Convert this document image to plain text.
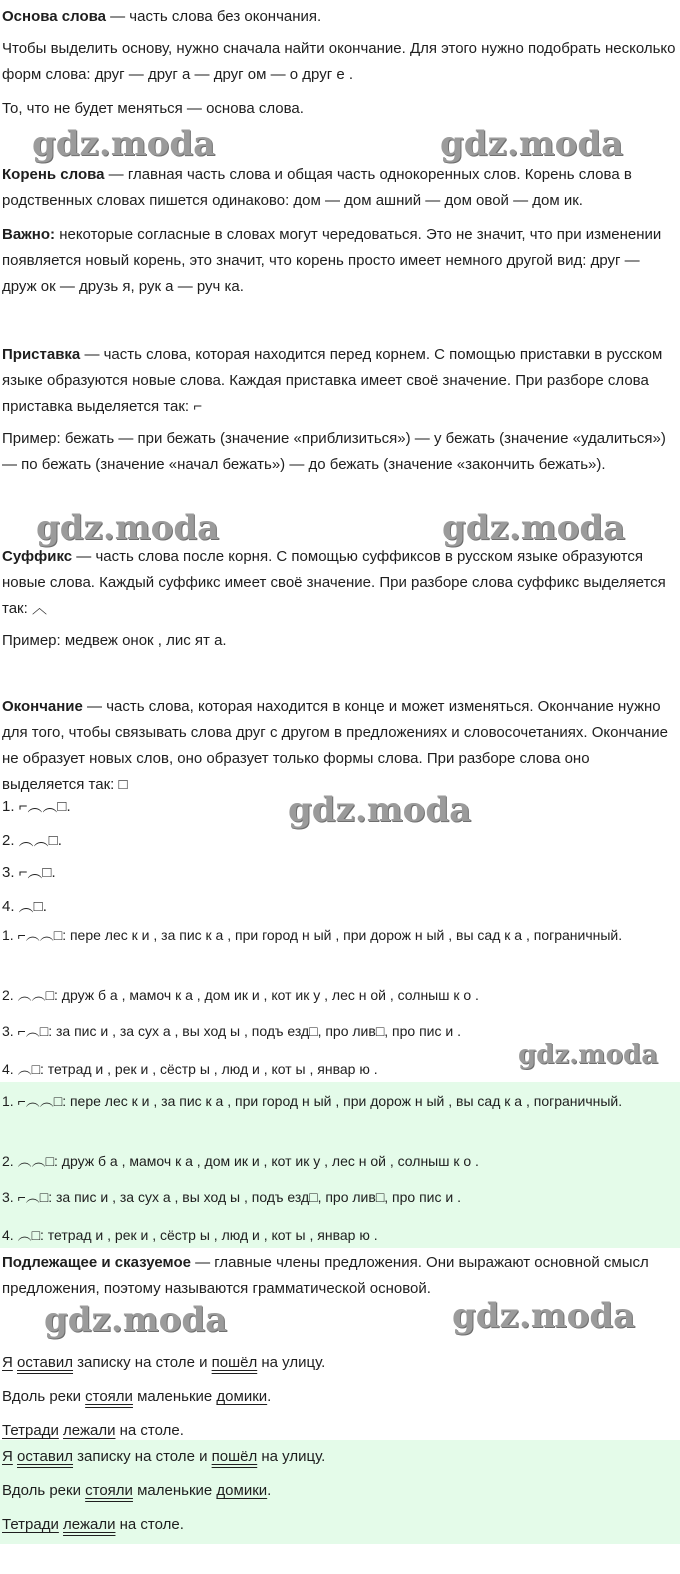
Основа слова — часть слова без окончания.

Чтобы выделить основу, нужно сначала найти окончание. Для этого нужно подобрать несколько форм слова: друг — друг а — друг ом — о друг е .

То, что не будет меняться — основа слова.

gdz.moda	gdz.moda

Корень слова — главная часть слова и общая часть однокоренных слов. Корень слова в родственных словах пишется одинаково: дом — дом ашний — дом овой — дом ик.

Важно: некоторые согласные в словах могут чередоваться. Это не значит, что при изменении появляется новый корень, это значит, что корень просто имеет немного другой вид: друг — друж ок — друзь я, рук а — руч ка.

Приставка — часть слова, которая находится перед корнем. С помощью приставки в русском языке образуются новые слова. Каждая приставка имеет своё значение. При разборе слова приставка выделяется так: ⌐

Пример: бежать — при бежать (значение «приблизиться») — у бежать (значение «удалиться») — по бежать (значение «начал бежать») — до бежать (значение «закончить бежать»).

gdz.moda	gdz.moda

Суффикс — часть слова после корня. С помощью суффиксов в русском языке образуются новые слова. Каждый суффикс имеет своё значение. При разборе слова суффикс выделяется так: ︿

Пример: медвеж онок , лис ят а.

Окончание — часть слова, которая находится в конце и может изменяться. Окончание нужно для того, чтобы связывать слова друг с другом в предложениях и словосочетаниях. Окончание не образует новых слов, оно образует только формы слова. При разборе слова оно выделяется так: □

1. ⌐︵︵□.	gdz.moda

2. ︵︵□.

3. ⌐︵□.

4. ︵□.

1. ⌐︵︵□: пере лес к и , за пис к а , при город н ый , при дорож н ый , вы сад к а , пограничный.

2. ︵︵□: друж б а , мамоч к а , дом ик и , кот ик у , лес н ой , солныш к о .

3. ⌐︵□: за пис и , за сух а , вы ход ы , подъ езд□, про лив□, про пис и .

4. ︵□: тетрад и , рек и , сёстр ы , люд и , кот ы , январ ю .	gdz.moda

1. ⌐︵︵□: пере лес к и , за пис к а , при город н ый , при дорож н ый , вы сад к а , пограничный.

2. ︵︵□: друж б а , мамоч к а , дом ик и , кот ик у , лес н ой , солныш к о .

3. ⌐︵□: за пис и , за сух а , вы ход ы , подъ езд□, про лив□, про пис и .

4. ︵□: тетрад и , рек и , сёстр ы , люд и , кот ы , январ ю .

Подлежащее и сказуемое — главные члены предложения. Они выражают основной смысл предложения, поэтому называются грамматической основой.

gdz.moda	gdz.moda

Я оставил записку на столе и пошёл на улицу.

Вдоль реки стояли маленькие домики.

Тетради лежали на столе.

Я оставил записку на столе и пошёл на улицу.

Вдоль реки стояли маленькие домики.

Тетради лежали на столе.
